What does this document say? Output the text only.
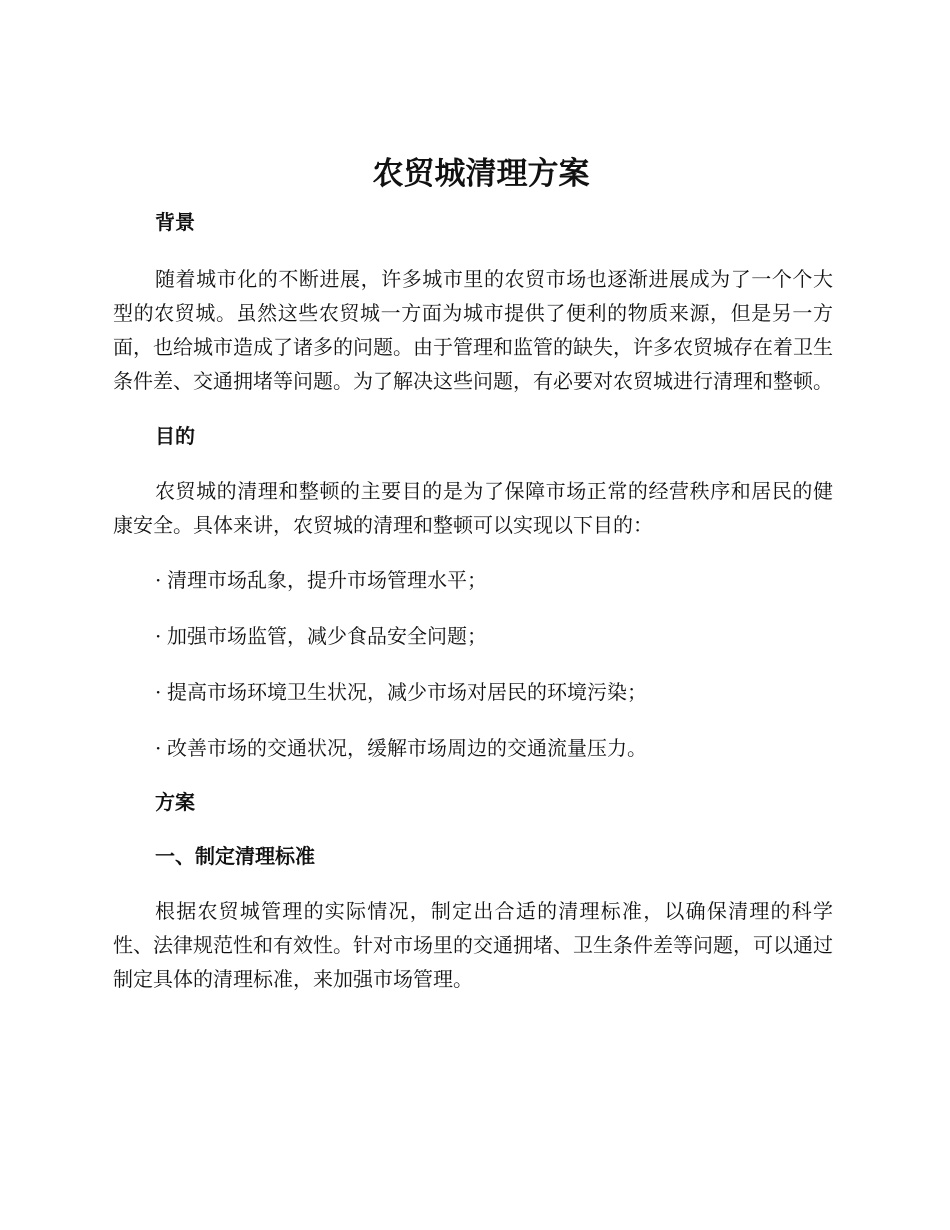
农贸城清理方案
背景

随着城市化的不断进展，许多城市里的农贸市场也逐渐进展成为了一个个大型的农贸城。虽然这些农贸城一方面为城市提供了便利的物质来源，但是另一方面，也给城市造成了诸多的问题。由于管理和监管的缺失，许多农贸城存在着卫生条件差、交通拥堵等问题。为了解决这些问题，有必要对农贸城进行清理和整顿。

目的

农贸城的清理和整顿的主要目的是为了保障市场正常的经营秩序和居民的健康安全。具体来讲，农贸城的清理和整顿可以实现以下目的：

· 清理市场乱象，提升市场管理水平；

· 加强市场监管，减少食品安全问题；

· 提高市场环境卫生状况，减少市场对居民的环境污染；

· 改善市场的交通状况，缓解市场周边的交通流量压力。

方案
一、制定清理标准

根据农贸城管理的实际情况，制定出合适的清理标准，以确保清理的科学性、法律规范性和有效性。针对市场里的交通拥堵、卫生条件差等问题，可以通过制定具体的清理标准，来加强市场管理。
